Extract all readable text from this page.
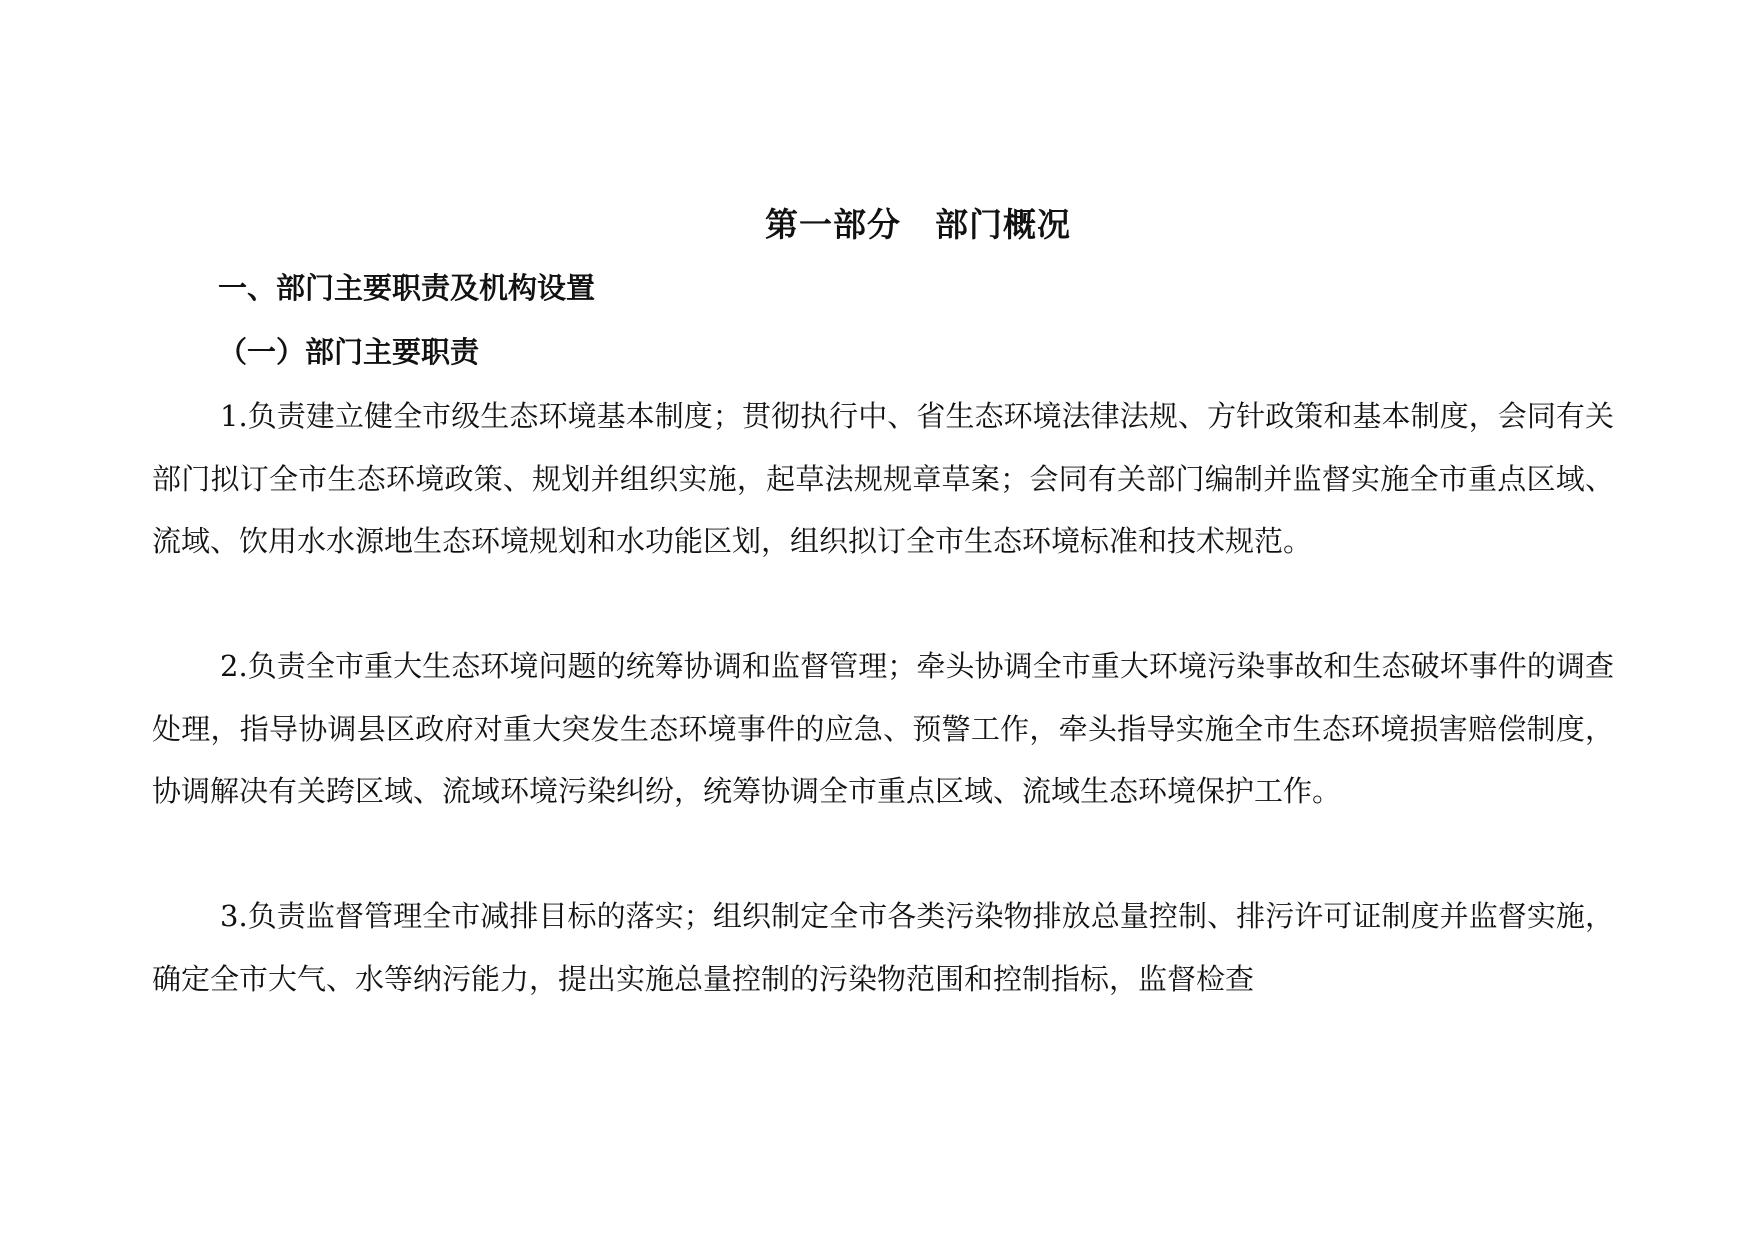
第一部分　部门概况
一、部门主要职责及机构设置
（一）部门主要职责

1.负责建立健全市级生态环境基本制度；贯彻执行中、省生态环境法律法规、方针政策和基本制度，会同有关部门拟订全市生态环境政策、规划并组织实施，起草法规规章草案；会同有关部门编制并监督实施全市重点区域、流域、饮用水水源地生态环境规划和水功能区划，组织拟订全市生态环境标准和技术规范。

2.负责全市重大生态环境问题的统筹协调和监督管理；牵头协调全市重大环境污染事故和生态破坏事件的调查处理，指导协调县区政府对重大突发生态环境事件的应急、预警工作，牵头指导实施全市生态环境损害赔偿制度，协调解决有关跨区域、流域环境污染纠纷，统筹协调全市重点区域、流域生态环境保护工作。

3.负责监督管理全市减排目标的落实；组织制定全市各类污染物排放总量控制、排污许可证制度并监督实施，确定全市大气、水等纳污能力，提出实施总量控制的污染物范围和控制指标，监督检查
